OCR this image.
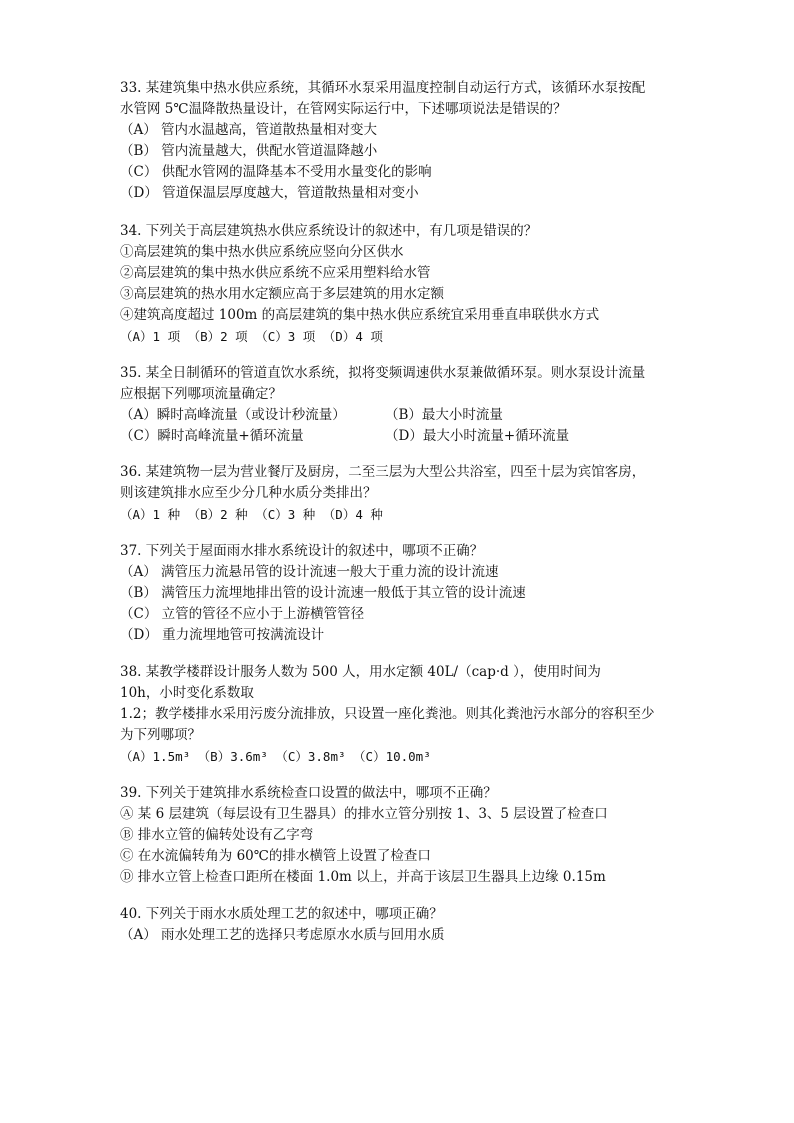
33. 某建筑集中热水供应系统，其循环水泵采用温度控制自动运行方式，该循环水泵按配
水管网 5℃温降散热量设计，在管网实际运行中，下述哪项说法是错误的？
（A） 管内水温越高，管道散热量相对变大
（B） 管内流量越大，供配水管道温降越小
（C） 供配水管网的温降基本不受用水量变化的影响
（D） 管道保温层厚度越大，管道散热量相对变小
34. 下列关于高层建筑热水供应系统设计的叙述中，有几项是错误的？
①高层建筑的集中热水供应系统应竖向分区供水
②高层建筑的集中热水供应系统不应采用塑料给水管
③高层建筑的热水用水定额应高于多层建筑的用水定额
④建筑高度超过 100m 的高层建筑的集中热水供应系统宜采用垂直串联供水方式
（A）1 项 （B）2 项 （C）3 项 （D）4 项
35. 某全日制循环的管道直饮水系统，拟将变频调速供水泵兼做循环泵。则水泵设计流量
应根据下列哪项流量确定？
（A）瞬时高峰流量（或设计秒流量）	（B）最大小时流量
（C）瞬时高峰流量+循环流量	（D）最大小时流量+循环流量
36. 某建筑物一层为营业餐厅及厨房，二至三层为大型公共浴室，四至十层为宾馆客房，
则该建筑排水应至少分几种水质分类排出？
（A）1 种 （B）2 种 （C）3 种 （D）4 种
37. 下列关于屋面雨水排水系统设计的叙述中，哪项不正确？
（A） 满管压力流悬吊管的设计流速一般大于重力流的设计流速
（B） 满管压力流埋地排出管的设计流速一般低于其立管的设计流速
（C） 立管的管径不应小于上游横管管径
（D） 重力流埋地管可按满流设计
38. 某教学楼群设计服务人数为 500 人，用水定额 40L/（cap·d ），使用时间为
10h，小时变化系数取
1.2；教学楼排水采用污废分流排放，只设置一座化粪池。则其化粪池污水部分的容积至少
为下列哪项？
（A）1.5m³ （B）3.6m³ （C）3.8m³ （C）10.0m³
39. 下列关于建筑排水系统检查口设置的做法中，哪项不正确？
Ⓐ 某 6 层建筑（每层设有卫生器具）的排水立管分别按 1、3、5 层设置了检查口
Ⓑ 排水立管的偏转处设有乙字弯
Ⓒ 在水流偏转角为 60℃的排水横管上设置了检查口
Ⓓ 排水立管上检查口距所在楼面 1.0m 以上，并高于该层卫生器具上边缘 0.15m
40. 下列关于雨水水质处理工艺的叙述中，哪项正确？
（A） 雨水处理工艺的选择只考虑原水水质与回用水质
